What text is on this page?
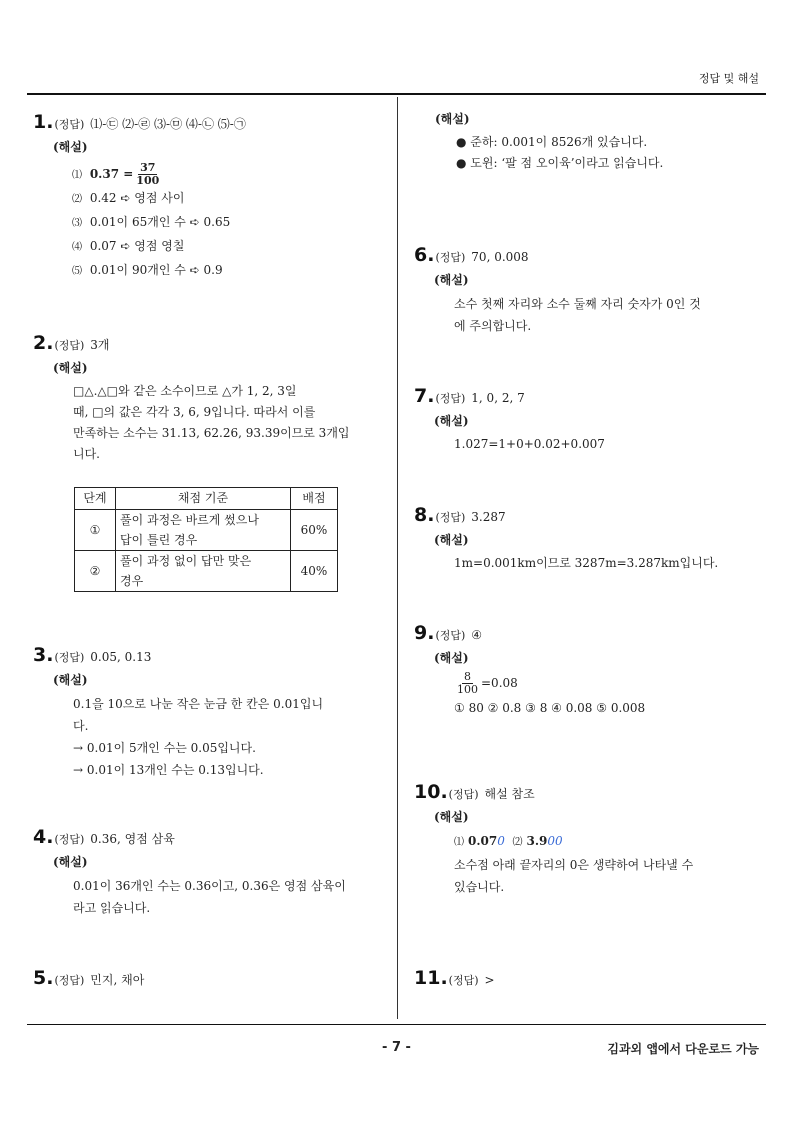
정답 및 해설
1. (정답) ⑴-㉢ ⑵-㉣ ⑶-㉤ ⑷-㉡ ⑸-㉠
(해설)
⑴ $0.37 = \frac{37}{100}$
⑵ 0.42 ➪ 영점 사이
⑶ 0.01이 65개인 수 ➪ 0.65
⑷ 0.07 ➪ 영점 영칠
⑸ 0.01이 90개인 수 ➪ 0.9
2. (정답) 3개
(해설)
□△.△□와 같은 소수이므로 △가 1, 2, 3일
때, □의 값은 각각 3, 6, 9입니다. 따라서 이를
만족하는 소수는 31.13, 62.26, 93.39이므로 3개입
니다.
단계	채점 기준	배점
①	풀이 과정은 바르게 썼으나
답이 틀린 경우	60%
②	풀이 과정 없이 답만 맞은
경우	40%
3. (정답) 0.05, 0.13
(해설)
0.1을 10으로 나눈 작은 눈금 한 칸은 0.01입니
다.
→ 0.01이 5개인 수는 0.05입니다.
→ 0.01이 13개인 수는 0.13입니다.
4. (정답) 0.36, 영점 삼육
(해설)
0.01이 36개인 수는 0.36이고, 0.36은 영점 삼육이
라고 읽습니다.
5. (정답) 민지, 채아
(해설)
● 준하: 0.001이 8526개 있습니다.
● 도윈: ‘팔 점 오이육’이라고 읽습니다.
6. (정답) 70, 0.008
(해설)
소수 첫째 자리와 소수 둘째 자리 숫자가 0인 것
에 주의합니다.
7. (정답) 1, 0, 2, 7
(해설)
1.027=1+0+0.02+0.007
8. (정답) 3.287
(해설)
1m=0.001km이므로 3287m=3.287km입니다.
9. (정답) ④
(해설)
$\frac{8}{100} =0.08$
① 80 ② 0.8 ③ 8 ④ 0.08 ⑤ 0.008
10. (정답) 해설 참조
(해설)
⑴ 0.070 ⑵ 3.900
소수점 아래 끝자리의 0은 생략하여 나타낼 수
있습니다.
11. (정답) >
- 7 -	김과외 앱에서 다운로드 가능
